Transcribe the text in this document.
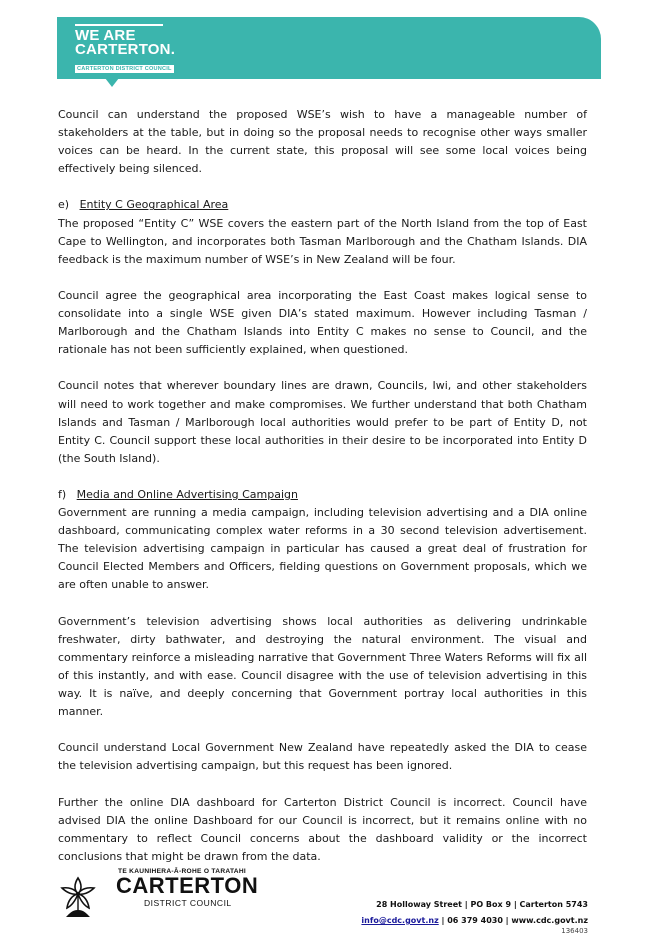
WE ARE
CARTERTON.
CARTERTON DISTRICT COUNCIL

Council can understand the proposed WSE’s wish to have a manageable number of stakeholders at the table, but in doing so the proposal needs to recognise other ways smaller voices can be heard. In the current state, this proposal will see some local voices being effectively being silenced.

e) Entity C Geographical Area

The proposed “Entity C” WSE covers the eastern part of the North Island from the top of East Cape to Wellington, and incorporates both Tasman Marlborough and the Chatham Islands. DIA feedback is the maximum number of WSE’s in New Zealand will be four.

Council agree the geographical area incorporating the East Coast makes logical sense to consolidate into a single WSE given DIA’s stated maximum. However including Tasman / Marlborough and the Chatham Islands into Entity C makes no sense to Council, and the rationale has not been sufficiently explained, when questioned.

Council notes that wherever boundary lines are drawn, Councils, Iwi, and other stakeholders will need to work together and make compromises. We further understand that both Chatham Islands and Tasman / Marlborough local authorities would prefer to be part of Entity D, not Entity C. Council support these local authorities in their desire to be incorporated into Entity D (the South Island).

f) Media and Online Advertising Campaign

Government are running a media campaign, including television advertising and a DIA online dashboard, communicating complex water reforms in a 30 second television advertisement. The television advertising campaign in particular has caused a great deal of frustration for Council Elected Members and Officers, fielding questions on Government proposals, which we are often unable to answer.

Government’s television advertising shows local authorities as delivering undrinkable freshwater, dirty bathwater, and destroying the natural environment. The visual and commentary reinforce a misleading narrative that Government Three Waters Reforms will fix all of this instantly, and with ease. Council disagree with the use of television advertising in this way. It is naïve, and deeply concerning that Government portray local authorities in this manner.

Council understand Local Government New Zealand have repeatedly asked the DIA to cease the television advertising campaign, but this request has been ignored.

Further the online DIA dashboard for Carterton District Council is incorrect. Council have advised DIA the online Dashboard for our Council is incorrect, but it remains online with no commentary to reflect Council concerns about the dashboard validity or the incorrect conclusions that might be drawn from the data.

TE KAUNIHERA-Ā-ROHE O TARATAHI
CARTERTON
DISTRICT COUNCIL	28 Holloway Street | PO Box 9 | Carterton 5743
info@cdc.govt.nz | 06 379 4030 | www.cdc.govt.nz
136403
